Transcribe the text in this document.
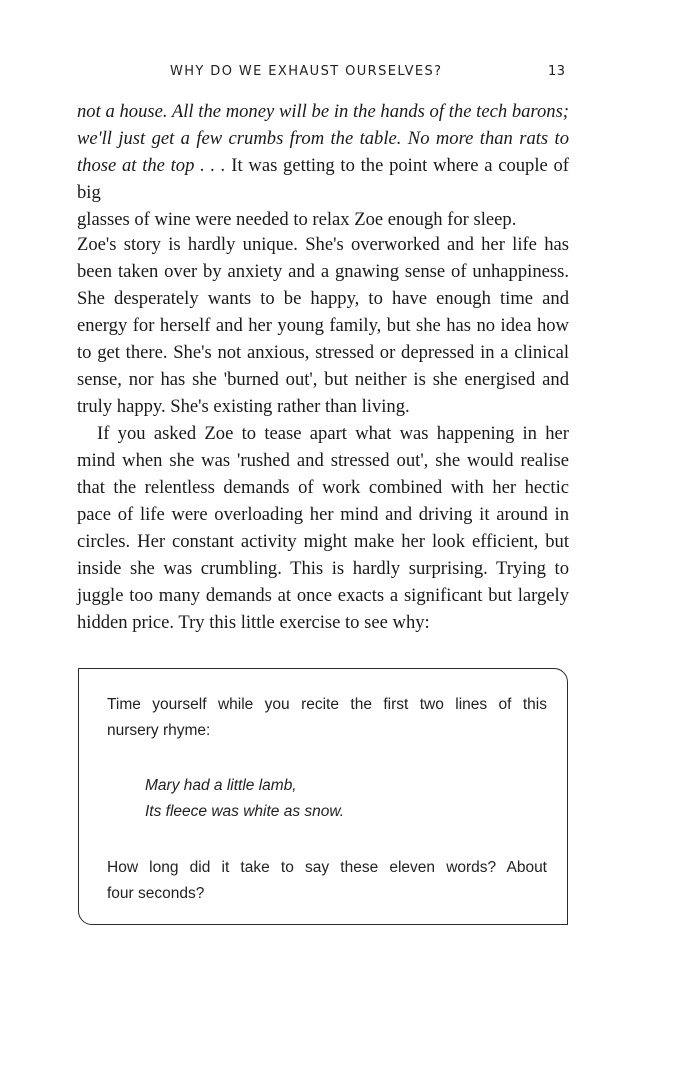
WHY DO WE EXHAUST OURSELVES?	13
not a house. All the money will be in the hands of the tech barons;
we'll just get a few crumbs from the table. No more than rats to
those at the top . . . It was getting to the point where a couple of big
glasses of wine were needed to relax Zoe enough for sleep.
Zoe's story is hardly unique. She's overworked and her life has
been taken over by anxiety and a gnawing sense of unhappiness.
She desperately wants to be happy, to have enough time and
energy for herself and her young family, but she has no idea how
to get there. She's not anxious, stressed or depressed in a clinical
sense, nor has she 'burned out', but neither is she energised and
truly happy. She's existing rather than living.
If you asked Zoe to tease apart what was happening in her
mind when she was 'rushed and stressed out', she would realise
that the relentless demands of work combined with her hectic
pace of life were overloading her mind and driving it around in
circles. Her constant activity might make her look efficient, but
inside she was crumbling. This is hardly surprising. Trying to
juggle too many demands at once exacts a significant but largely
hidden price. Try this little exercise to see why:
Time yourself while you recite the first two lines of this
nursery rhyme:
Mary had a little lamb,
Its fleece was white as snow.
How long did it take to say these eleven words? About
four seconds?
